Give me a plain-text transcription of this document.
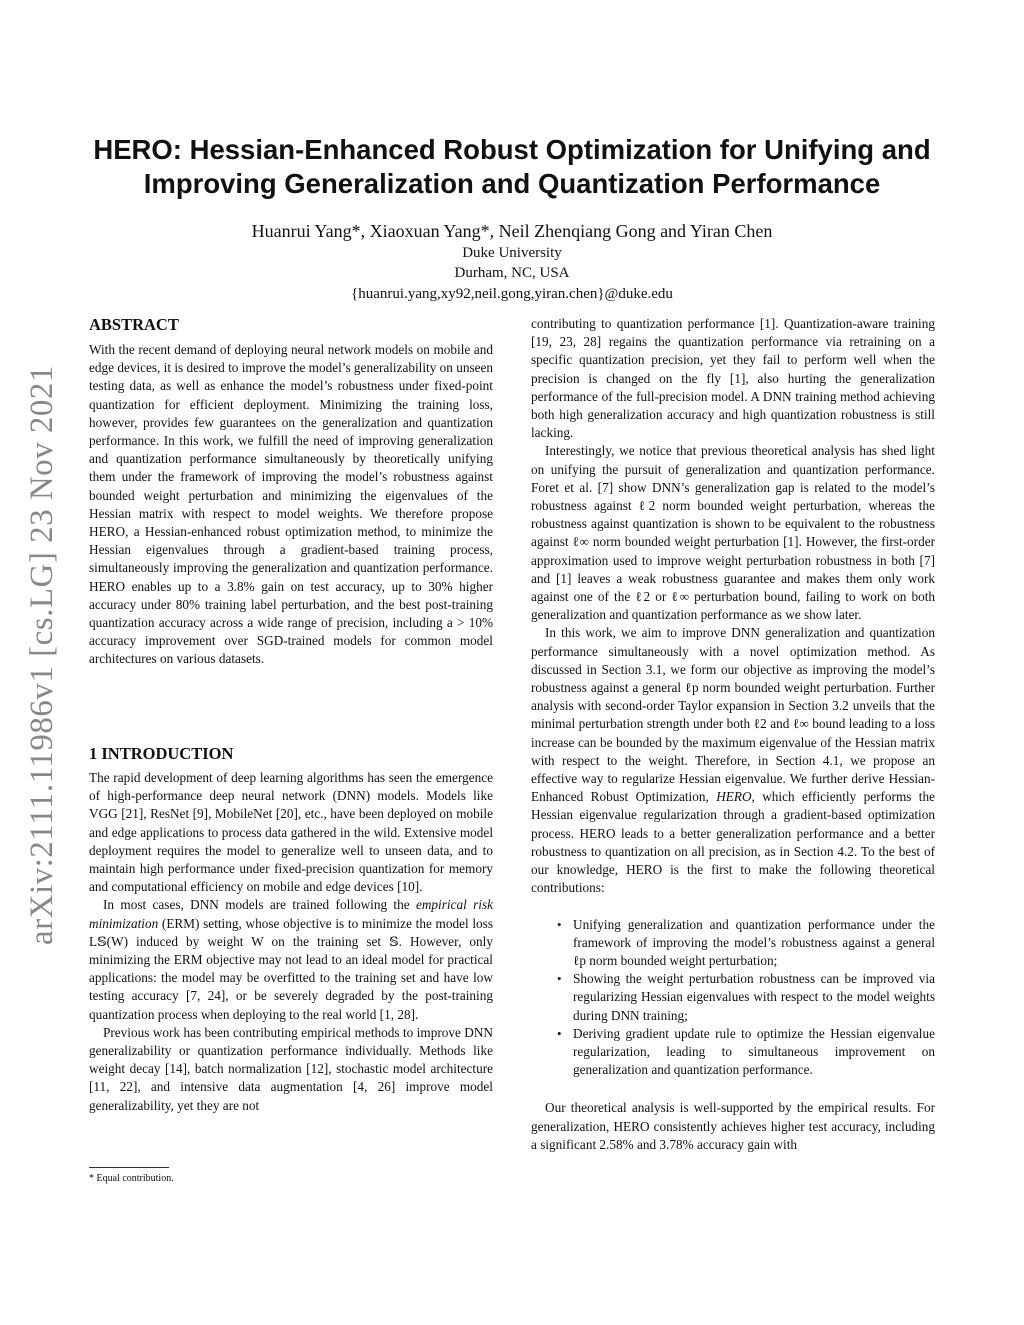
arXiv:2111.11986v1 [cs.LG] 23 Nov 2021
HERO: Hessian-Enhanced Robust Optimization for Unifying and
Improving Generalization and Quantization Performance
Huanrui Yang*, Xiaoxuan Yang*, Neil Zhenqiang Gong and Yiran Chen
Duke University
Durham, NC, USA
{huanrui.yang,xy92,neil.gong,yiran.chen}@duke.edu
ABSTRACT

With the recent demand of deploying neural network models on mobile and edge devices, it is desired to improve the model’s generalizability on unseen testing data, as well as enhance the model’s robustness under fixed-point quantization for efficient deployment. Minimizing the training loss, however, provides few guarantees on the generalization and quantization performance. In this work, we fulfill the need of improving generalization and quantization performance simultaneously by theoretically unifying them under the framework of improving the model’s robustness against bounded weight perturbation and minimizing the eigenvalues of the Hessian matrix with respect to model weights. We therefore propose HERO, a Hessian-enhanced robust optimization method, to minimize the Hessian eigenvalues through a gradient-based training process, simultaneously improving the generalization and quantization performance. HERO enables up to a 3.8% gain on test accuracy, up to 30% higher accuracy under 80% training label perturbation, and the best post-training quantization accuracy across a wide range of precision, including a > 10% accuracy improvement over SGD-trained models for common model architectures on various datasets.

1 INTRODUCTION

The rapid development of deep learning algorithms has seen the emergence of high-performance deep neural network (DNN) models. Models like VGG [21], ResNet [9], MobileNet [20], etc., have been deployed on mobile and edge applications to process data gathered in the wild. Extensive model deployment requires the model to generalize well to unseen data, and to maintain high performance under fixed-precision quantization for memory and computational efficiency on mobile and edge devices [10].

In most cases, DNN models are trained following the empirical risk minimization (ERM) setting, whose objective is to minimize the model loss L𝕊(W) induced by weight W on the training set 𝕊. However, only minimizing the ERM objective may not lead to an ideal model for practical applications: the model may be overfitted to the training set and have low testing accuracy [7, 24], or be severely degraded by the post-training quantization process when deploying to the real world [1, 28].

Previous work has been contributing empirical methods to improve DNN generalizability or quantization performance individually. Methods like weight decay [14], batch normalization [12], stochastic model architecture [11, 22], and intensive data augmentation [4, 26] improve model generalizability, yet they are not

* Equal contribution.

contributing to quantization performance [1]. Quantization-aware training [19, 23, 28] regains the quantization performance via retraining on a specific quantization precision, yet they fail to perform well when the precision is changed on the fly [1], also hurting the generalization performance of the full-precision model. A DNN training method achieving both high generalization accuracy and high quantization robustness is still lacking.

Interestingly, we notice that previous theoretical analysis has shed light on unifying the pursuit of generalization and quantization performance. Foret et al. [7] show DNN’s generalization gap is related to the model’s robustness against ℓ2 norm bounded weight perturbation, whereas the robustness against quantization is shown to be equivalent to the robustness against ℓ∞ norm bounded weight perturbation [1]. However, the first-order approximation used to improve weight perturbation robustness in both [7] and [1] leaves a weak robustness guarantee and makes them only work against one of the ℓ2 or ℓ∞ perturbation bound, failing to work on both generalization and quantization performance as we show later.

In this work, we aim to improve DNN generalization and quantization performance simultaneously with a novel optimization method. As discussed in Section 3.1, we form our objective as improving the model’s robustness against a general ℓp norm bounded weight perturbation. Further analysis with second-order Taylor expansion in Section 3.2 unveils that the minimal perturbation strength under both ℓ2 and ℓ∞ bound leading to a loss increase can be bounded by the maximum eigenvalue of the Hessian matrix with respect to the weight. Therefore, in Section 4.1, we propose an effective way to regularize Hessian eigenvalue. We further derive Hessian-Enhanced Robust Optimization, HERO, which efficiently performs the Hessian eigenvalue regularization through a gradient-based optimization process. HERO leads to a better generalization performance and a better robustness to quantization on all precision, as in Section 4.2. To the best of our knowledge, HERO is the first to make the following theoretical contributions:

• Unifying generalization and quantization performance under the framework of improving the model’s robustness against a general ℓp norm bounded weight perturbation;
• Showing the weight perturbation robustness can be improved via regularizing Hessian eigenvalues with respect to the model weights during DNN training;
• Deriving gradient update rule to optimize the Hessian eigenvalue regularization, leading to simultaneous improvement on generalization and quantization performance.

Our theoretical analysis is well-supported by the empirical results. For generalization, HERO consistently achieves higher test accuracy, including a significant 2.58% and 3.78% accuracy gain with
